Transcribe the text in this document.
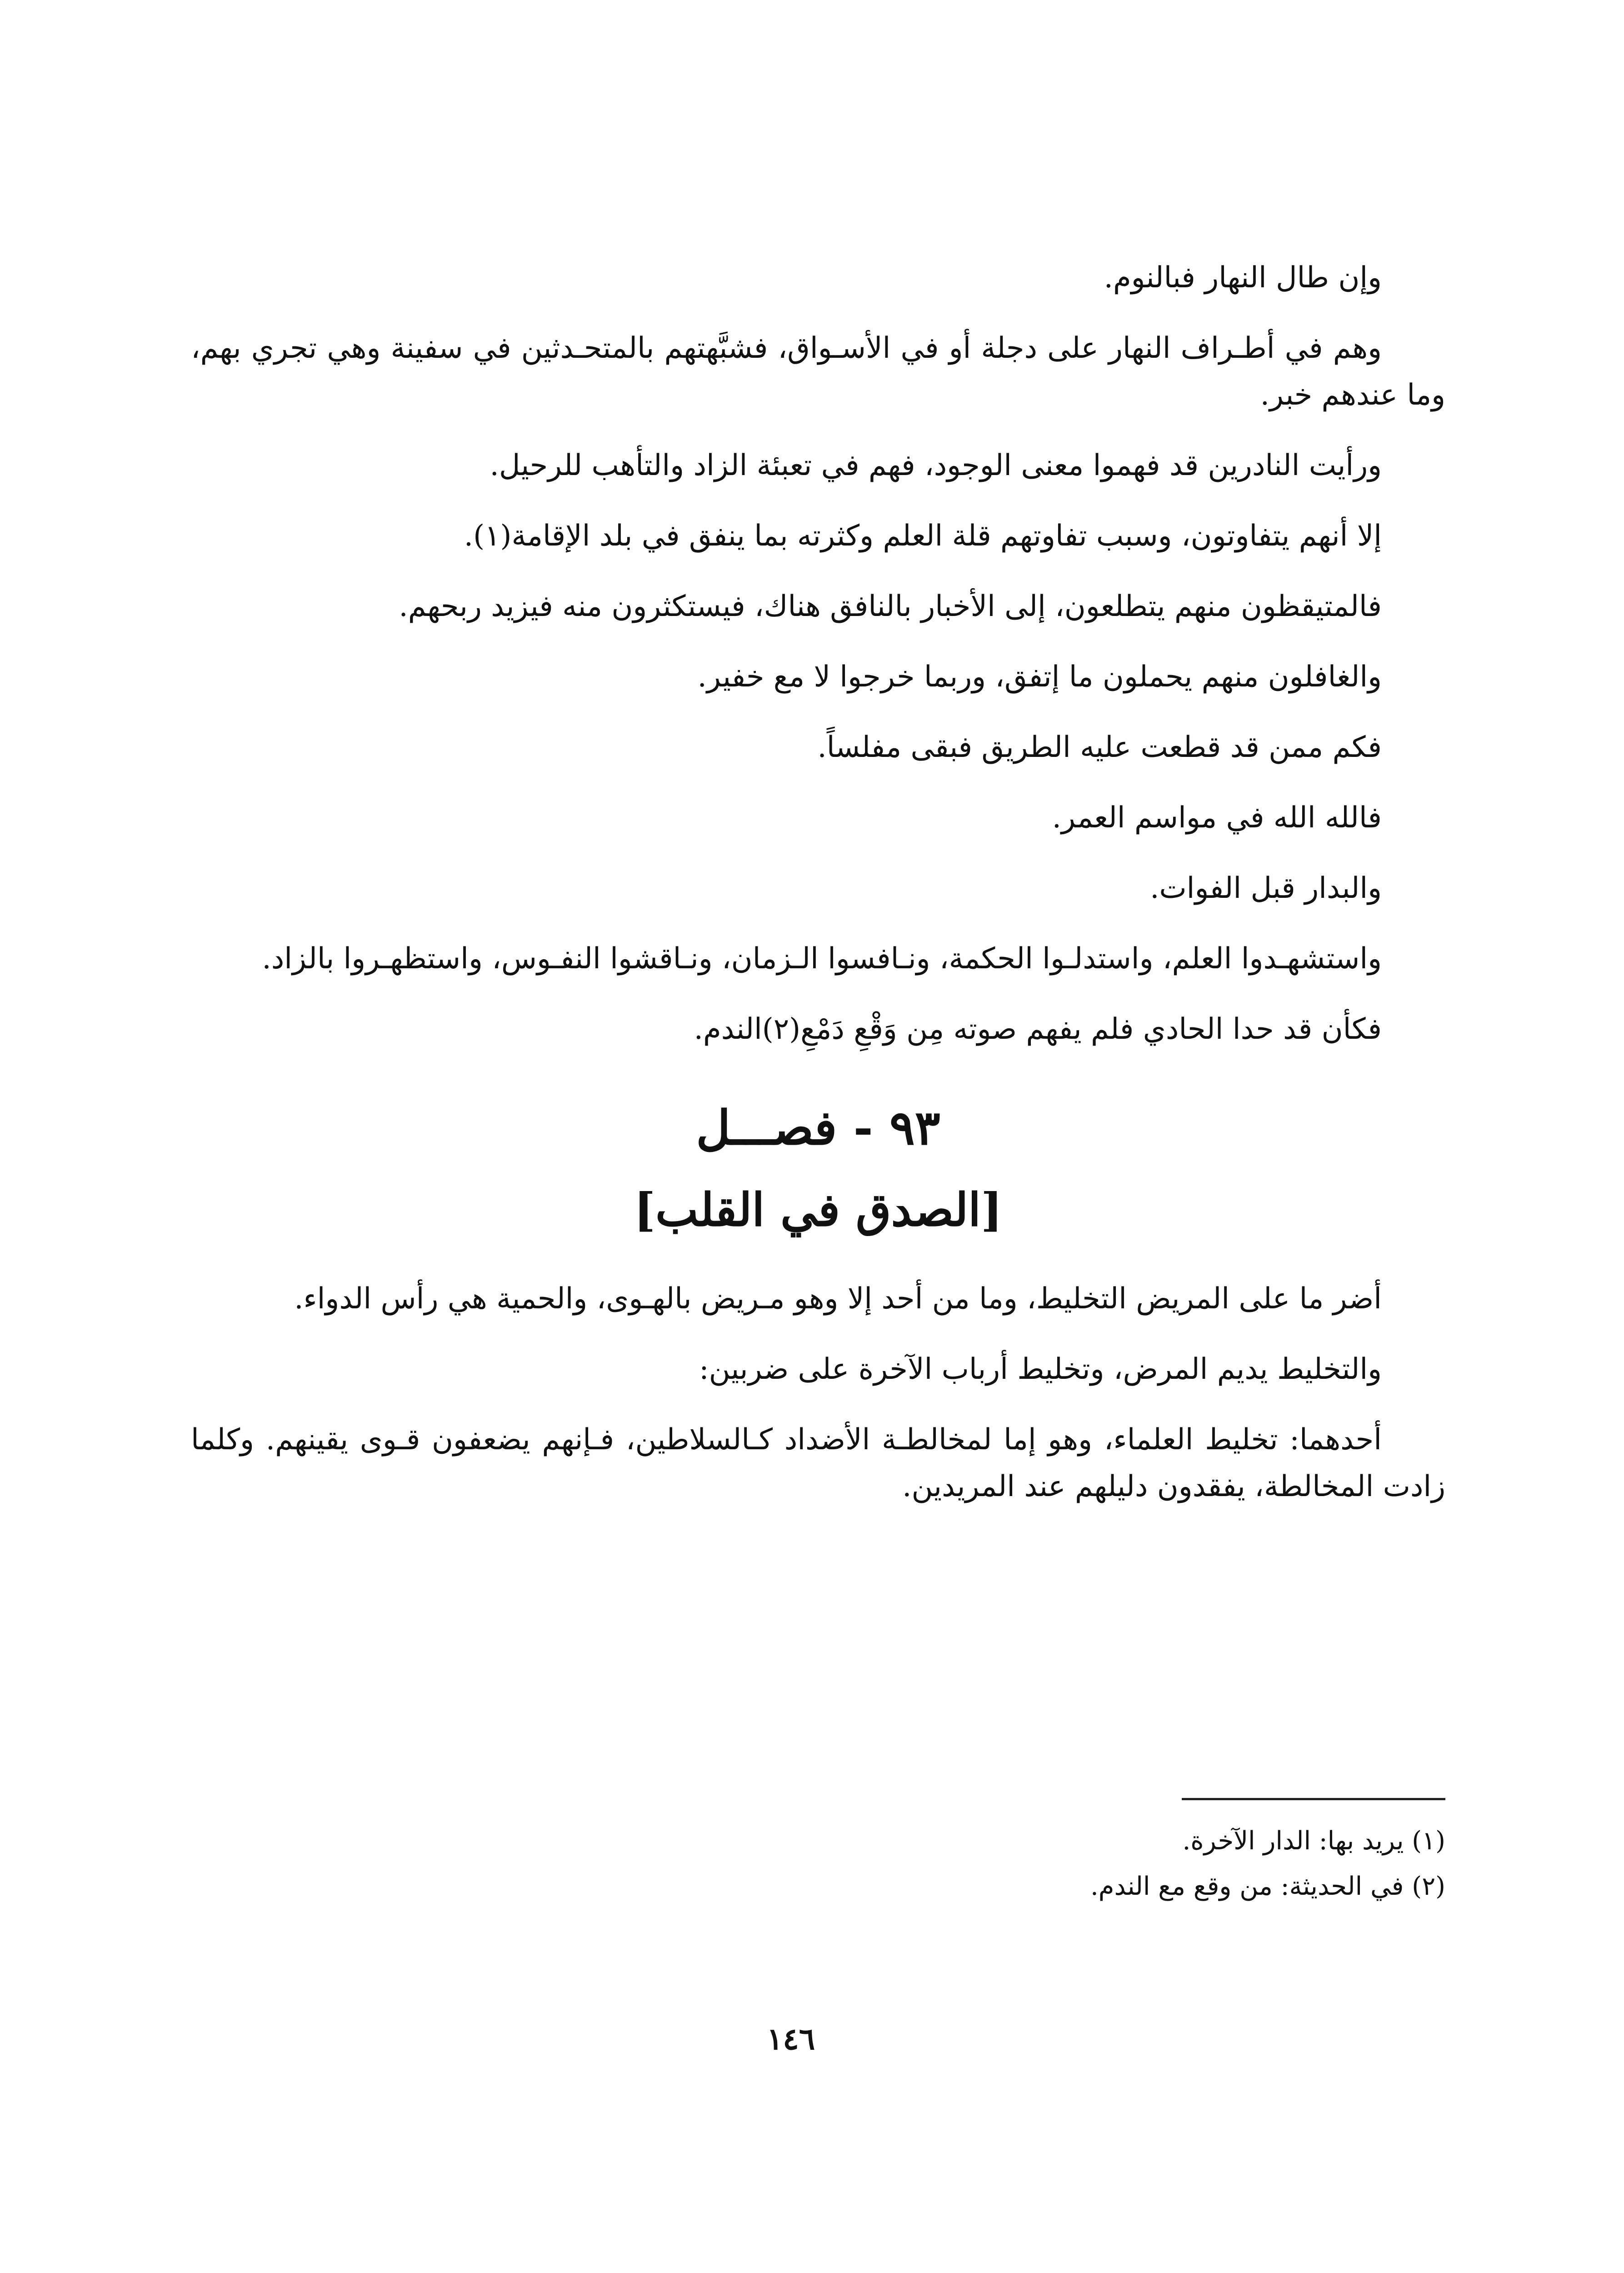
وإن طال النهار فبالنوم.

وهم في أطـراف النهار على دجلة أو في الأسـواق، فشبَّهتهم بالمتحـدثين في سفينة وهي تجري بهم، وما عندهم خبر.

ورأيت النادرين قد فهموا معنى الوجود، فهم في تعبئة الزاد والتأهب للرحيل.

إلا أنهم يتفاوتون، وسبب تفاوتهم قلة العلم وكثرته بما ينفق في بلد الإقامة(١).

فالمتيقظون منهم يتطلعون، إلى الأخبار بالنافق هناك، فيستكثرون منه فيزيد ربحهم.

والغافلون منهم يحملون ما إتفق، وربما خرجوا لا مع خفير.

فكم ممن قد قطعت عليه الطريق فبقى مفلساً.

فالله الله في مواسم العمر.

والبدار قبل الفوات.

واستشهـدوا العلم، واستدلـوا الحكمة، ونـافسوا الـزمان، ونـاقشوا النفـوس، واستظهـروا بالزاد.

فكأن قد حدا الحادي فلم يفهم صوته مِن وَقْعِ دَمْعِ(٢)الندم.

٩٣ - فصـــل
[الصدق في القلب]

أضر ما على المريض التخليط، وما من أحد إلا وهو مـريض بالهـوى، والحمية هي رأس الدواء.

والتخليط يديم المرض، وتخليط أرباب الآخرة على ضربين:

أحدهما: تخليط العلماء، وهو إما لمخالطـة الأضداد كـالسلاطين، فـإنهم يضعفون قـوى يقينهم. وكلما زادت المخالطة، يفقدون دليلهم عند المريدين.

(١) يريد بها: الدار الآخرة.

(٢) في الحديثة: من وقع مع الندم.

١٤٦
